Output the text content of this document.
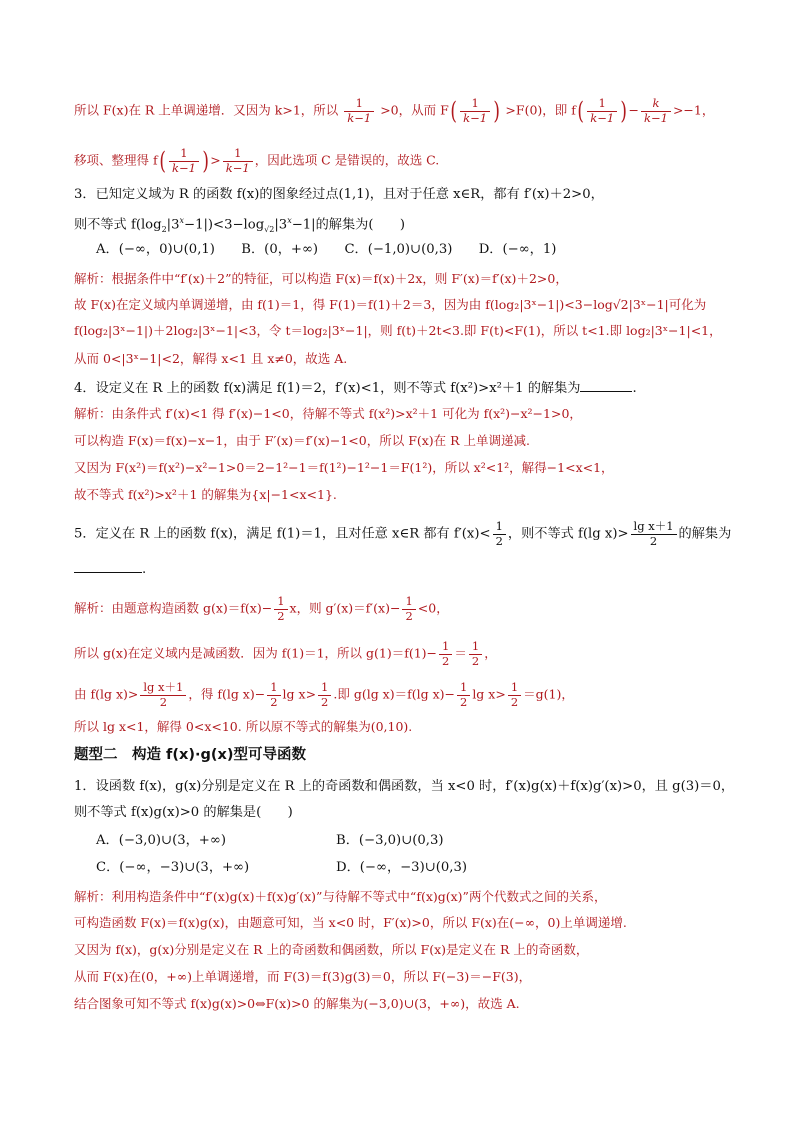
所以 F(x)在 R 上单调递增．又因为 k>1，所以 $\frac{1}{k-1} >0$，从而 $F( \frac{1}{k-1}$ ) >F(0)，即 $f( \frac{1}{k-1}$ )− $\frac{k}{k-1} >-1$，
移项、整理得 $f( \frac{1}{k-1}$ )> $\frac{1}{k-1}$ ，因此选项 C 是错误的，故选 C.
3．已知定义域为 R 的函数 f(x)的图象经过点(1,1)，且对于任意 x∈R，都有 f′(x)＋2>0，
则不等式 $f(\log_2|3^x-1|)<3-\log_{√2}|3^x-1|$的解集为(　　)
A．(−∞，0)∪(0,1)　　B．(0，+∞)　　C．(−1,0)∪(0,3)　　D．(−∞，1)
解析：根据条件中“f′(x)＋2”的特征，可以构造 F(x)＝f(x)＋2x，则 F′(x)＝f′(x)＋2>0，
故 F(x)在定义域内单调递增，由 f(1)＝1，得 F(1)＝f(1)＋2＝3，因为由 f(log₂|3ˣ−1|)<3−log√2|3ˣ−1|可化为
f(log₂|3ˣ−1|)＋2log₂|3ˣ−1|<3，令 t＝log₂|3ˣ−1|，则 f(t)＋2t<3.即 F(t)<F(1)，所以 t<1.即 log₂|3ˣ−1|<1，
从而 0<|3ˣ−1|<2，解得 x<1 且 x≠0，故选 A.
4．设定义在 R 上的函数 f(x)满足 f(1)＝2，f′(x)<1，则不等式 f(x²)>x²＋1 的解集为	.
解析：由条件式 f′(x)<1 得 f′(x)−1<0，待解不等式 f(x²)>x²＋1 可化为 f(x²)−x²−1>0，
可以构造 F(x)＝f(x)−x−1，由于 F′(x)＝f′(x)−1<0，所以 F(x)在 R 上单调递减.
又因为 F(x²)＝f(x²)−x²−1>0＝2−1²−1＝f(1²)−1²−1＝F(1²)，所以 x²<1²，解得−1<x<1，
故不等式 f(x²)>x²＋1 的解集为{x|−1<x<1}.
5．定义在 R 上的函数 f(x)，满足 f(1)＝1，且对任意 x∈R 都有 $f'(x)< \frac{1}{2}$ ，则不等式 f(lg $x)> \frac{\text{lg x＋1}}{2}$ 的解集为
.
解析：由题意构造函数 $g(x)=f(x)- \frac{1}{2}$ x，则 $g'(x)=f'(x)- \frac{1}{2} <0$，
所以 g(x)在定义域内是减函数．因为 f(1)＝1，所以 $g(1)=f(1)- \frac{1}{2} = \frac{1}{2}$ ，
由 f(lg $x)> \frac{\text{lg x＋1}}{2}$ ，得 f(lg $x)- \frac{1}{2}$ $\lg x> \frac{1}{2}$ .即 g(lg x)＝f(lg $x)- \frac{1}{2}$ $\lg x> \frac{1}{2} =g(1)$，
所以 lg x<1，解得 0<x<10. 所以原不等式的解集为(0,10).
题型二　构造 f(x)·g(x)型可导函数
1．设函数 f(x)，g(x)分别是定义在 R 上的奇函数和偶函数，当 x<0 时，f′(x)g(x)＋f(x)g′(x)>0，且 g(3)＝0，
则不等式 f(x)g(x)>0 的解集是(　　)
A．(−3,0)∪(3，+∞)	B．(−3,0)∪(0,3)
C．(−∞，−3)∪(3，+∞)	D．(−∞，−3)∪(0,3)
解析：利用构造条件中“f′(x)g(x)＋f(x)g′(x)”与待解不等式中“f(x)g(x)”两个代数式之间的关系，
可构造函数 F(x)＝f(x)g(x)，由题意可知，当 x<0 时，F′(x)>0，所以 F(x)在(−∞，0)上单调递增.
又因为 f(x)，g(x)分别是定义在 R 上的奇函数和偶函数，所以 F(x)是定义在 R 上的奇函数，
从而 F(x)在(0，+∞)上单调递增，而 F(3)＝f(3)g(3)＝0，所以 F(−3)＝−F(3)，
结合图象可知不等式 f(x)g(x)>0⇔F(x)>0 的解集为(−3,0)∪(3，+∞)，故选 A.
